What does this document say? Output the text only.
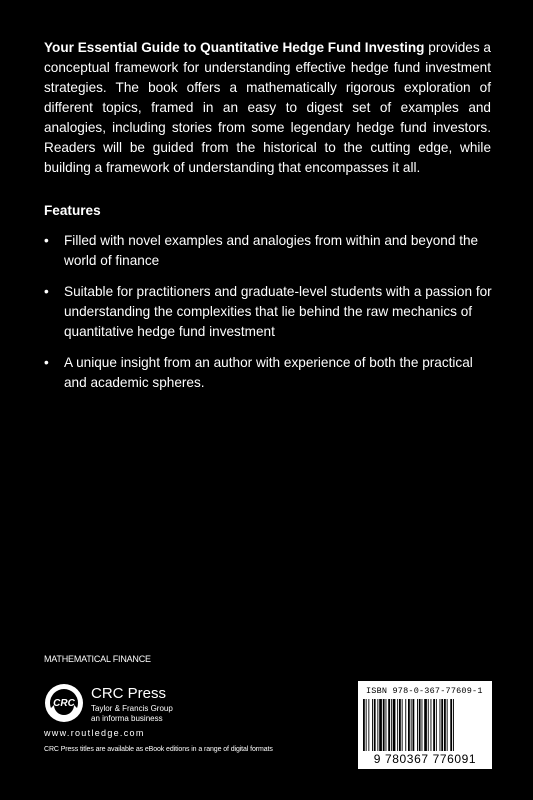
Your Essential Guide to Quantitative Hedge Fund Investing provides a conceptual framework for understanding effective hedge fund investment strategies. The book offers a mathematically rigorous exploration of different topics, framed in an easy to digest set of examples and analogies, including stories from some legendary hedge fund investors. Readers will be guided from the historical to the cutting edge, while building a framework of understanding that encompasses it all.

Features
• Filled with novel examples and analogies from within and beyond the world of finance
• Suitable for practitioners and graduate-level students with a passion for understanding the complexities that lie behind the raw mechanics of quantitative hedge fund investment
• A unique insight from an author with experience of both the practical and academic spheres.
MATHEMATICAL FINANCE
CRC
CRC Press
Taylor & Francis Group
an informa business
www.routledge.com
CRC Press titles are available as eBook editions in a range of digital formats
ISBN 978-0-367-77609-1
9 780367 776091
